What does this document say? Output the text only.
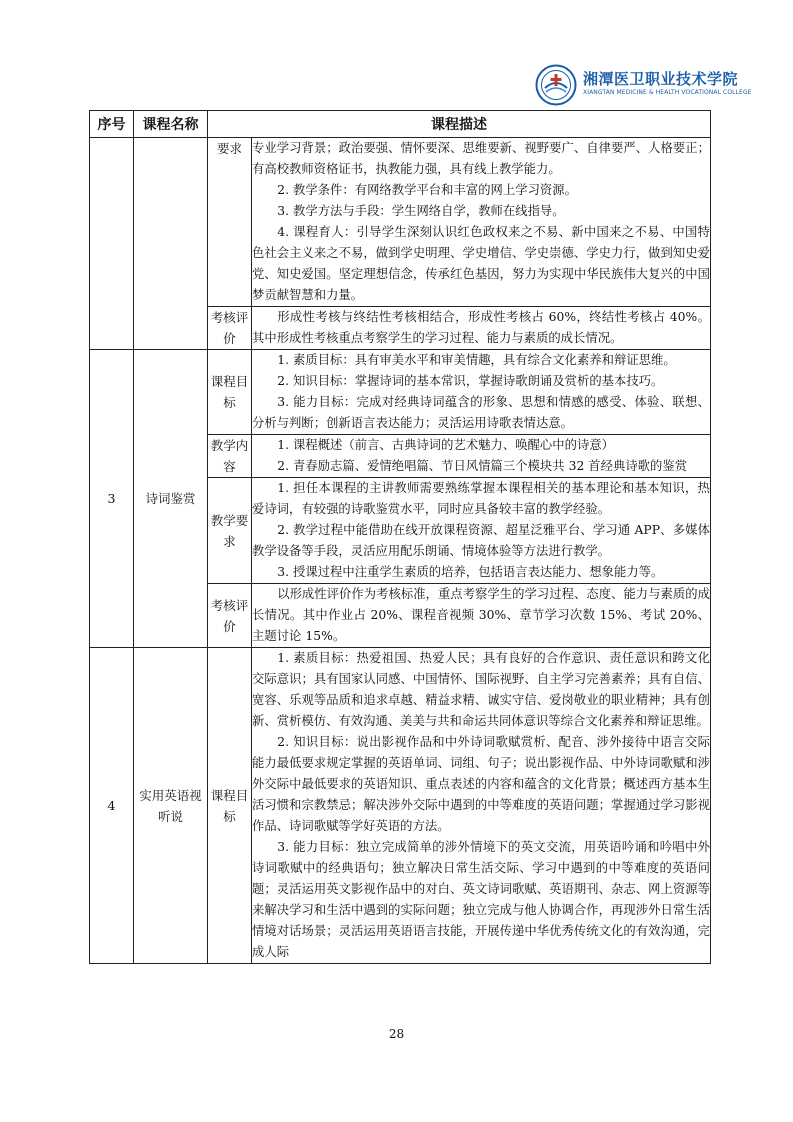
湘潭医卫职业技术学院
XIANGTAN MEDICINE & HEALTH VOCATIONAL COLLEGE
序号	课程名称	课程描述	
		要求	专业学习背景；政治要强、情怀要深、思维要新、视野要广、自律要严、人格要正；有高校教师资格证书，执教能力强，具有线上教学能力。

2. 教学条件：有网络教学平台和丰富的网上学习资源。

3. 教学方法与手段：学生网络自学，教师在线指导。

4. 课程育人：引导学生深刻认识红色政权来之不易、新中国来之不易、中国特色社会主义来之不易，做到学史明理、学史增信、学史崇德、学史力行，做到知史爱党、知史爱国。坚定理想信念，传承红色基因，努力为实现中华民族伟大复兴的中国梦贡献智慧和力量。

		考核评价	形成性考核与终结性考核相结合，形成性考核占 60%，终结性考核占 40%。其中形成性考核重点考察学生的学习过程、能力与素质的成长情况。

3	诗词鉴赏	课程目标	1. 素质目标：具有审美水平和审美情趣，具有综合文化素养和辩证思维。

2. 知识目标：掌握诗词的基本常识，掌握诗歌朗诵及赏析的基本技巧。

3. 能力目标：完成对经典诗词蕴含的形象、思想和情感的感受、体验、联想、分析与判断；创新语言表达能力；灵活运用诗歌表情达意。

		教学内容	1. 课程概述（前言、古典诗词的艺术魅力、唤醒心中的诗意）

2. 青春励志篇、爱情绝唱篇、节日风情篇三个模块共 32 首经典诗歌的鉴赏

		教学要求	1. 担任本课程的主讲教师需要熟练掌握本课程相关的基本理论和基本知识，热爱诗词，有较强的诗歌鉴赏水平，同时应具备较丰富的教学经验。

2. 教学过程中能借助在线开放课程资源、超星泛雅平台、学习通 APP、多媒体教学设备等手段，灵活应用配乐朗诵、情境体验等方法进行教学。

3. 授课过程中注重学生素质的培养，包括语言表达能力、想象能力等。

		考核评价	以形成性评价作为考核标准，重点考察学生的学习过程、态度、能力与素质的成长情况。其中作业占 20%、课程音视频 30%、章节学习次数 15%、考试 20%、主题讨论 15%。

4	实用英语视听说	课程目标	1. 素质目标：热爱祖国、热爱人民；具有良好的合作意识、责任意识和跨文化交际意识；具有国家认同感、中国情怀、国际视野、自主学习完善素养；具有自信、宽容、乐观等品质和追求卓越、精益求精、诚实守信、爱岗敬业的职业精神；具有创新、赏析模仿、有效沟通、美美与共和命运共同体意识等综合文化素养和辩证思维。

2. 知识目标：说出影视作品和中外诗词歌赋赏析、配音、涉外接待中语言交际能力最低要求规定掌握的英语单词、词组、句子；说出影视作品、中外诗词歌赋和涉外交际中最低要求的英语知识、重点表述的内容和蕴含的文化背景；概述西方基本生活习惯和宗教禁忌；解决涉外交际中遇到的中等难度的英语问题；掌握通过学习影视作品、诗词歌赋等学好英语的方法。

3. 能力目标：独立完成简单的涉外情境下的英文交流，用英语吟诵和吟唱中外诗词歌赋中的经典语句；独立解决日常生活交际、学习中遇到的中等难度的英语问题；灵活运用英文影视作品中的对白、英文诗词歌赋、英语期刊、杂志、网上资源等来解决学习和生活中遇到的实际问题；独立完成与他人协调合作，再现涉外日常生活情境对话场景；灵活运用英语语言技能，开展传递中华优秀传统文化的有效沟通，完成人际

28
